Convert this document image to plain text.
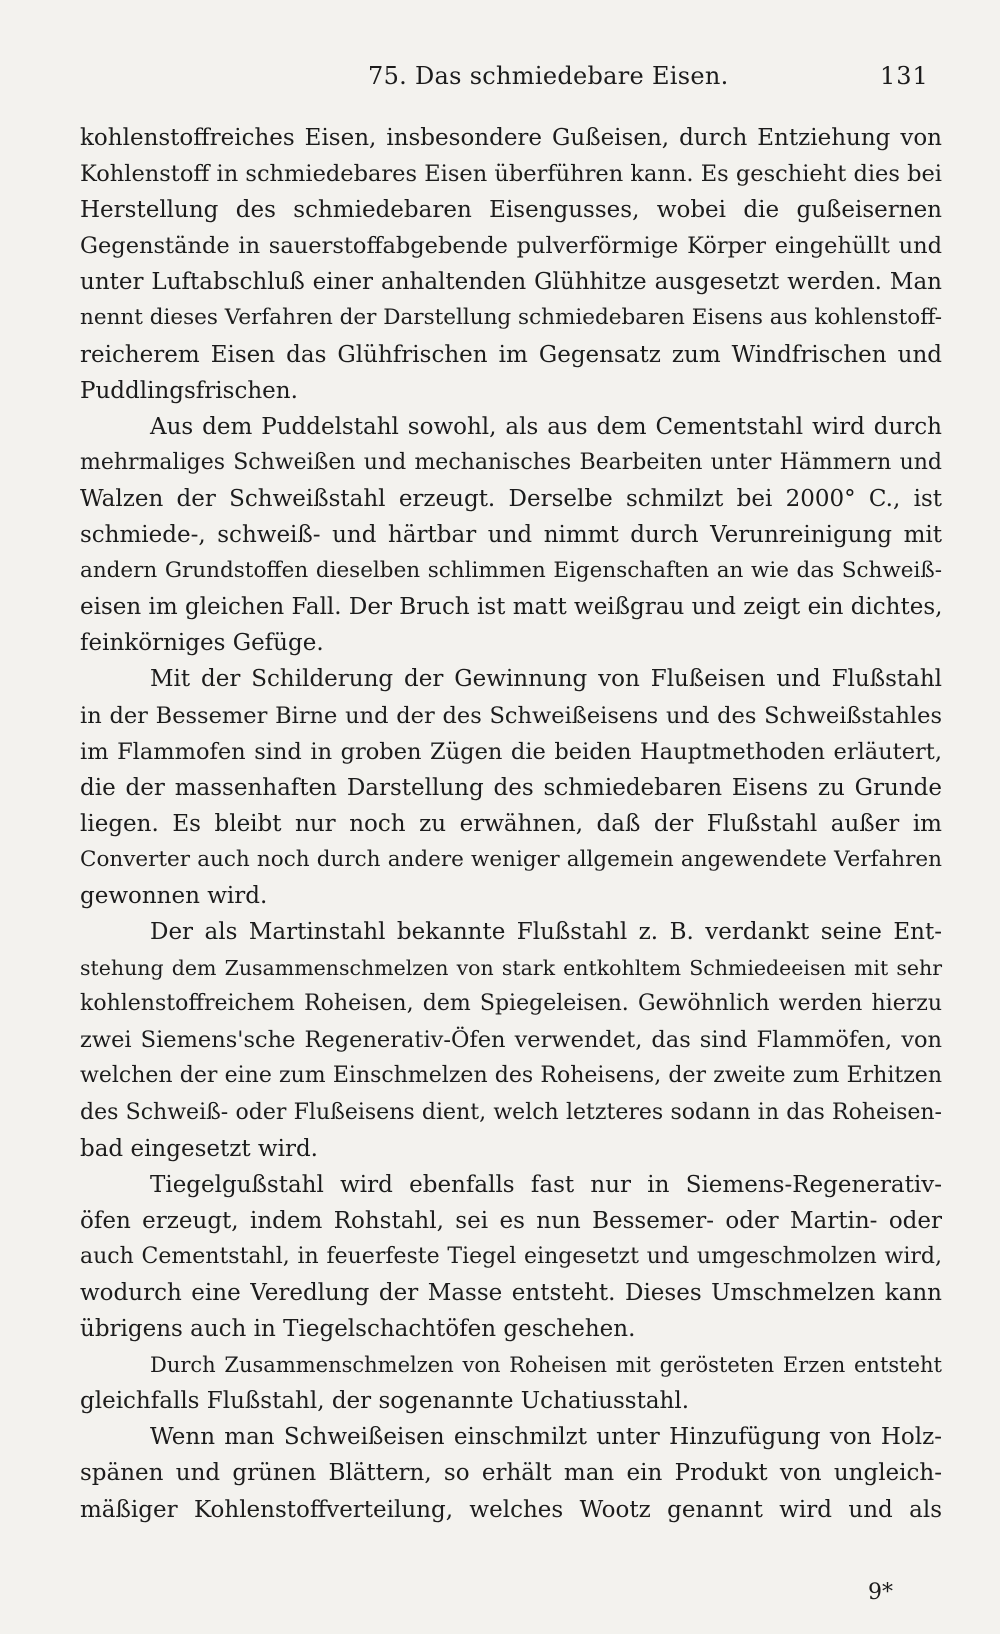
75. Das schmiedebare Eisen.	131
kohlenstoffreiches Eisen, insbesondere Gußeisen, durch Entziehung von
Kohlenstoff in schmiedebares Eisen überführen kann. Es geschieht dies bei
Herstellung des schmiedebaren Eisengusses, wobei die gußeisernen
Gegenstände in sauerstoffabgebende pulverförmige Körper eingehüllt und
unter Luftabschluß einer anhaltenden Glühhitze ausgesetzt werden. Man
nennt dieses Verfahren der Darstellung schmiedebaren Eisens aus kohlenstoff-
reicherem Eisen das Glühfrischen im Gegensatz zum Windfrischen und
Puddlingsfrischen.
Aus dem Puddelstahl sowohl, als aus dem Cementstahl wird durch
mehrmaliges Schweißen und mechanisches Bearbeiten unter Hämmern und
Walzen der Schweißstahl erzeugt. Derselbe schmilzt bei 2000° C., ist
schmiede-, schweiß- und härtbar und nimmt durch Verunreinigung mit
andern Grundstoffen dieselben schlimmen Eigenschaften an wie das Schweiß-
eisen im gleichen Fall. Der Bruch ist matt weißgrau und zeigt ein dichtes,
feinkörniges Gefüge.
Mit der Schilderung der Gewinnung von Flußeisen und Flußstahl
in der Bessemer Birne und der des Schweißeisens und des Schweißstahles
im Flammofen sind in groben Zügen die beiden Hauptmethoden erläutert,
die der massenhaften Darstellung des schmiedebaren Eisens zu Grunde
liegen. Es bleibt nur noch zu erwähnen, daß der Flußstahl außer im
Converter auch noch durch andere weniger allgemein angewendete Verfahren
gewonnen wird.
Der als Martinstahl bekannte Flußstahl z. B. verdankt seine Ent-
stehung dem Zusammenschmelzen von stark entkohltem Schmiedeeisen mit sehr
kohlenstoffreichem Roheisen, dem Spiegeleisen. Gewöhnlich werden hierzu
zwei Siemens'sche Regenerativ-Öfen verwendet, das sind Flammöfen, von
welchen der eine zum Einschmelzen des Roheisens, der zweite zum Erhitzen
des Schweiß- oder Flußeisens dient, welch letzteres sodann in das Roheisen-
bad eingesetzt wird.
Tiegelgußstahl wird ebenfalls fast nur in Siemens-Regenerativ-
öfen erzeugt, indem Rohstahl, sei es nun Bessemer- oder Martin- oder
auch Cementstahl, in feuerfeste Tiegel eingesetzt und umgeschmolzen wird,
wodurch eine Veredlung der Masse entsteht. Dieses Umschmelzen kann
übrigens auch in Tiegelschachtöfen geschehen.
Durch Zusammenschmelzen von Roheisen mit gerösteten Erzen entsteht
gleichfalls Flußstahl, der sogenannte Uchatiusstahl.
Wenn man Schweißeisen einschmilzt unter Hinzufügung von Holz-
spänen und grünen Blättern, so erhält man ein Produkt von ungleich-
mäßiger Kohlenstoffverteilung, welches Wootz genannt wird und als
9*
